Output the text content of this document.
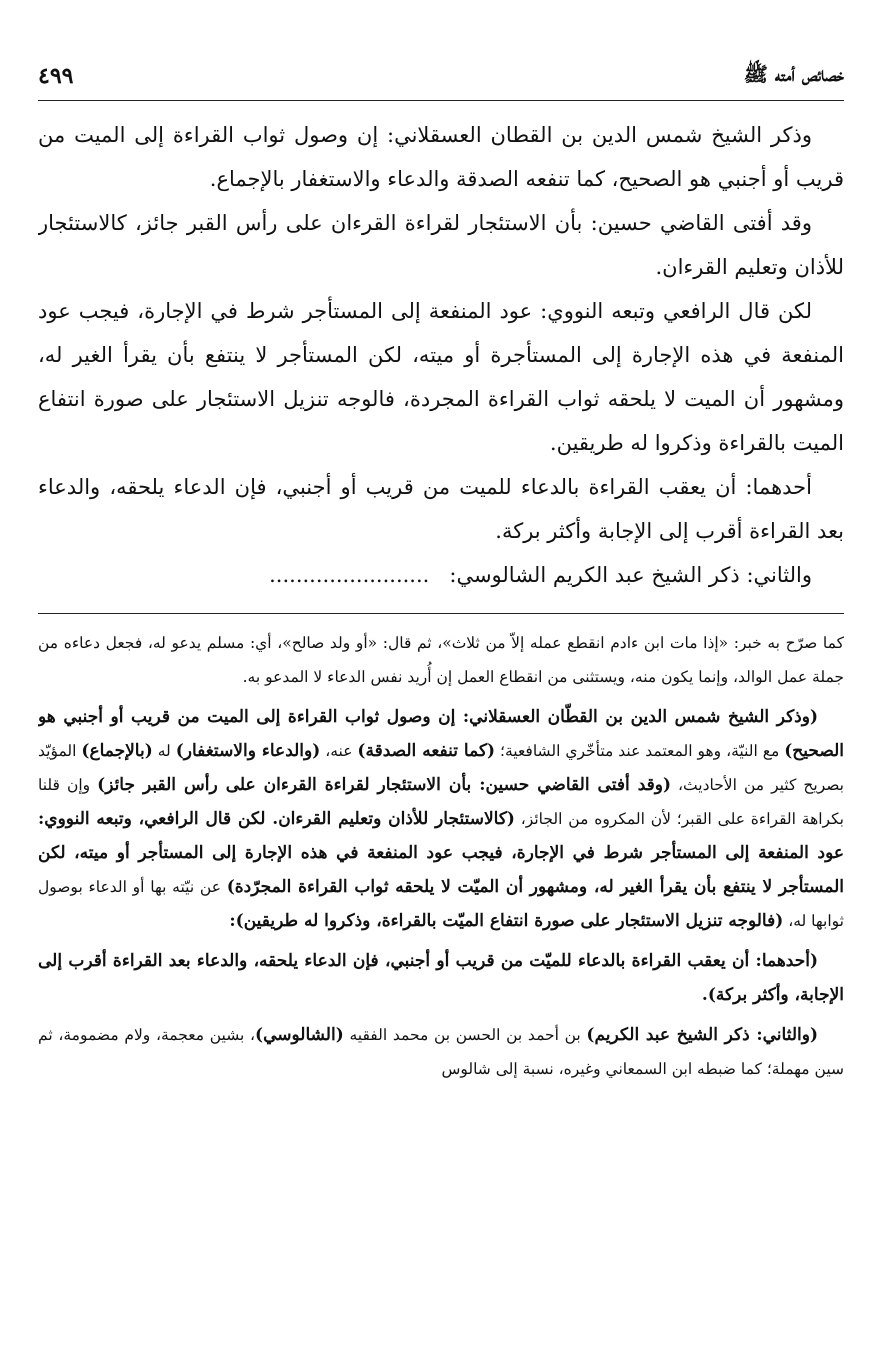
خصائص أمته ﷺ
٤٩٩

وذكر الشيخ شمس الدين بن القطان العسقلاني: إن وصول ثواب القراءة إلى الميت من قريب أو أجنبي هو الصحيح، كما تنفعه الصدقة والدعاء والاستغفار بالإجماع.

وقد أفتى القاضي حسين: بأن الاستئجار لقراءة القرءان على رأس القبر جائز، كالاستئجار للأذان وتعليم القرءان.

لكن قال الرافعي وتبعه النووي: عود المنفعة إلى المستأجر شرط في الإجارة، فيجب عود المنفعة في هذه الإجارة إلى المستأجرة أو ميته، لكن المستأجر لا ينتفع بأن يقرأ الغير له، ومشهور أن الميت لا يلحقه ثواب القراءة المجردة، فالوجه تنزيل الاستئجار على صورة انتفاع الميت بالقراءة وذكروا له طريقين.

أحدهما: أن يعقب القراءة بالدعاء للميت من قريب أو أجنبي، فإن الدعاء يلحقه، والدعاء بعد القراءة أقرب إلى الإجابة وأكثر بركة.

والثاني: ذكر الشيخ عبد الكريم الشالوسي:   ........................

كما صرّح به خبر: «إذا مات ابن ءادم انقطع عمله إلاّ من ثلاث»، ثم قال: «أو ولد صالح»، أي: مسلم يدعو له، فجعل دعاءه من جملة عمل الوالد، وإنما يكون منه، ويستثنى من انقطاع العمل إن أُريد نفس الدعاء لا المدعو به.

(وذكر الشيخ شمس الدين بن القطّان العسقلاني: إن وصول ثواب القراءة إلى الميت من قريب أو أجنبي هو الصحيح) مع النيّة، وهو المعتمد عند متأخّري الشافعية؛ (كما تنفعه الصدقة) عنه، (والدعاء والاستغفار) له (بالإجماع) المؤيّد بصريح كثير من الأحاديث، (وقد أفتى القاضي حسين: بأن الاستئجار لقراءة القرءان على رأس القبر جائز) وإن قلنا بكراهة القراءة على القبر؛ لأن المكروه من الجائز، (كالاستئجار للأذان وتعليم القرءان. لكن قال الرافعي، وتبعه النووي: عود المنفعة إلى المستأجر شرط في الإجارة، فيجب عود المنفعة في هذه الإجارة إلى المستأجر أو ميته، لكن المستأجر لا ينتفع بأن يقرأ الغير له، ومشهور أن الميّت لا يلحقه ثواب القراءة المجرّدة) عن نيّته بها أو الدعاء بوصول ثوابها له، (فالوجه تنزيل الاستئجار على صورة انتفاع الميّت بالقراءة، وذكروا له طريقين):

(أحدهما: أن يعقب القراءة بالدعاء للميّت من قريب أو أجنبي، فإن الدعاء يلحقه، والدعاء بعد القراءة أقرب إلى الإجابة، وأكثر بركة).

(والثاني: ذكر الشيخ عبد الكريم) بن أحمد بن الحسن بن محمد الفقيه (الشالوسي)، بشين معجمة، ولام مضمومة، ثم سين مهملة؛ كما ضبطه ابن السمعاني وغيره، نسبة إلى شالوس
